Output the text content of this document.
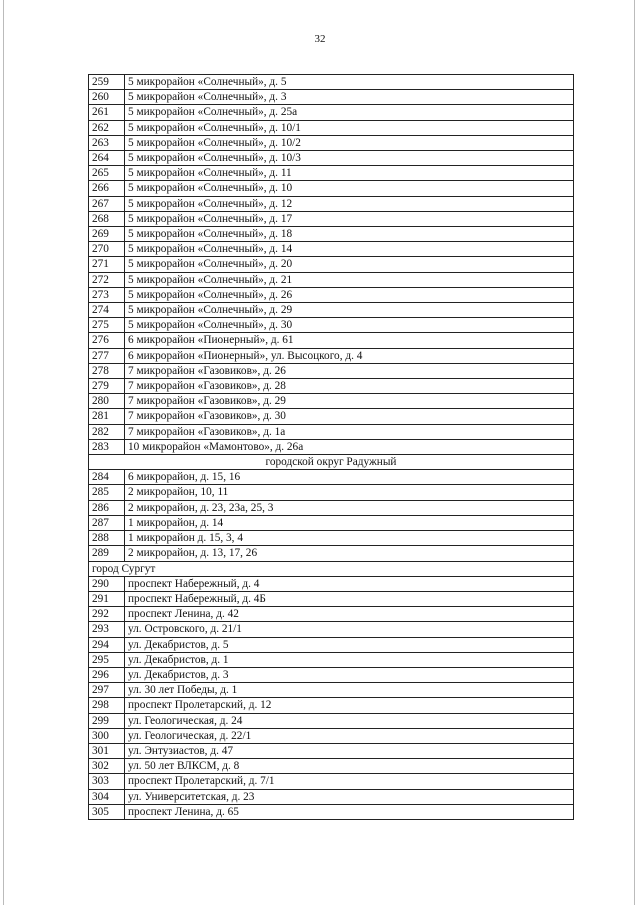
32
259	5 микрорайон «Солнечный», д. 5
260	5 микрорайон «Солнечный», д. 3
261	5 микрорайон «Солнечный», д. 25а
262	5 микрорайон «Солнечный», д. 10/1
263	5 микрорайон «Солнечный», д. 10/2
264	5 микрорайон «Солнечный», д. 10/3
265	5 микрорайон «Солнечный», д. 11
266	5 микрорайон «Солнечный», д. 10
267	5 микрорайон «Солнечный», д. 12
268	5 микрорайон «Солнечный», д. 17
269	5 микрорайон «Солнечный», д. 18
270	5 микрорайон «Солнечный», д. 14
271	5 микрорайон «Солнечный», д. 20
272	5 микрорайон «Солнечный», д. 21
273	5 микрорайон «Солнечный», д. 26
274	5 микрорайон «Солнечный», д. 29
275	5 микрорайон «Солнечный», д. 30
276	6 микрорайон «Пионерный», д. 61
277	6 микрорайон «Пионерный», ул. Высоцкого, д. 4
278	7 микрорайон «Газовиков», д. 26
279	7 микрорайон «Газовиков», д. 28
280	7 микрорайон «Газовиков», д. 29
281	7 микрорайон «Газовиков», д. 30
282	7 микрорайон «Газовиков», д. 1а
283	10 микрорайон «Мамонтово», д. 26а
городской округ Радужный	
284	6 микрорайон, д. 15, 16
285	2 микрорайон, 10, 11
286	2 микрорайон, д. 23, 23а, 25, 3
287	1 микрорайон, д. 14
288	1 микрорайон д. 15, 3, 4
289	2 микрорайон, д. 13, 17, 26
город Сургут	
290	проспект Набережный, д. 4
291	проспект Набережный, д. 4Б
292	проспект Ленина, д. 42
293	ул. Островского, д. 21/1
294	ул. Декабристов, д. 5
295	ул. Декабристов, д. 1
296	ул. Декабристов, д. 3
297	ул. 30 лет Победы, д. 1
298	проспект Пролетарский, д. 12
299	ул. Геологическая, д. 24
300	ул. Геологическая, д. 22/1
301	ул. Энтузиастов, д. 47
302	ул. 50 лет ВЛКСМ, д. 8
303	проспект Пролетарский, д. 7/1
304	ул. Университетская, д. 23
305	проспект Ленина, д. 65
